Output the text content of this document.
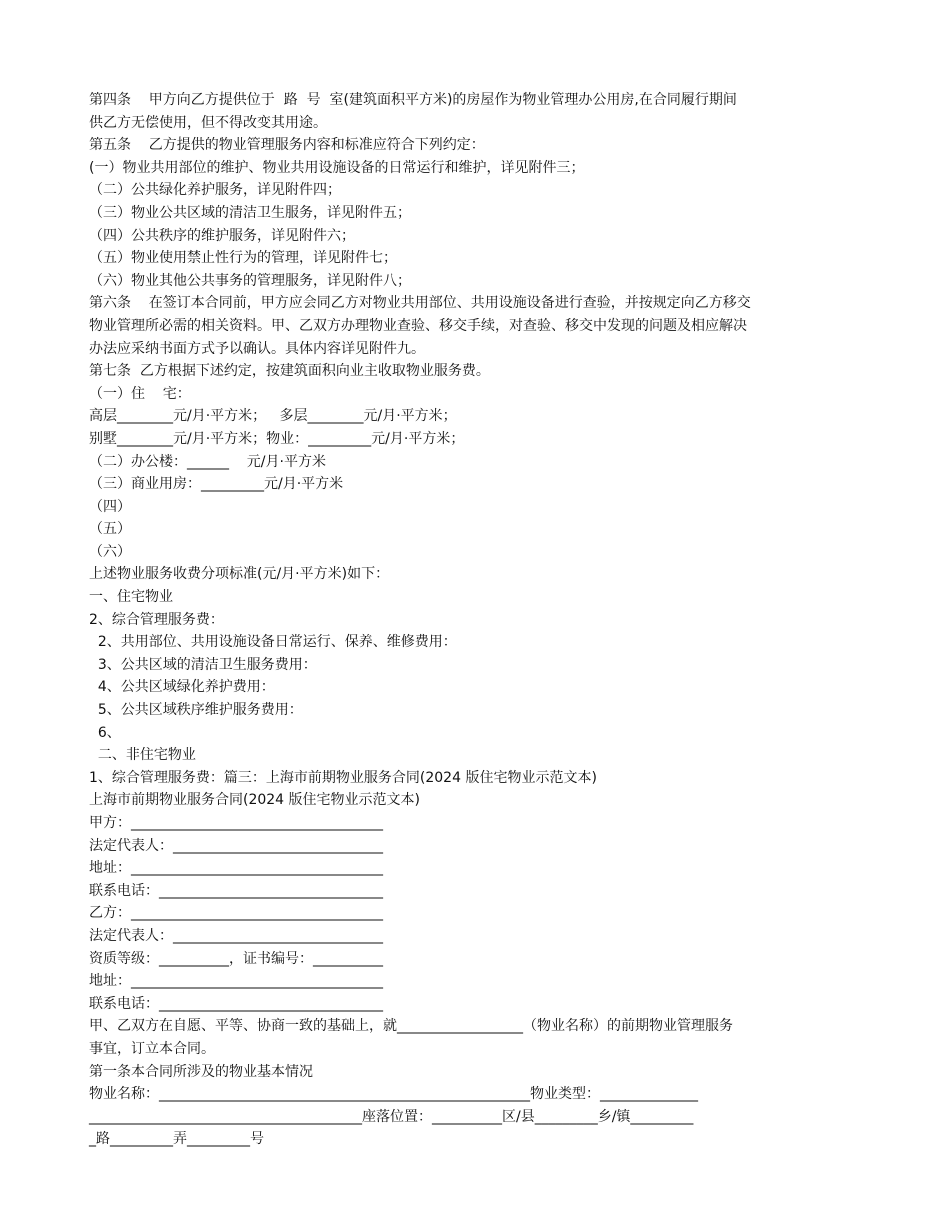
第四条    甲方向乙方提供位于  路  号  室(建筑面积平方米)的房屋作为物业管理办公用房,在合同履行期间
供乙方无偿使用，但不得改变其用途。
第五条    乙方提供的物业管理服务内容和标准应符合下列约定：
(一）物业共用部位的维护、物业共用设施设备的日常运行和维护，详见附件三；
（二）公共绿化养护服务，详见附件四；
（三）物业公共区域的清洁卫生服务，详见附件五；
（四）公共秩序的维护服务，详见附件六；
（五）物业使用禁止性行为的管理，详见附件七；
（六）物业其他公共事务的管理服务，详见附件八；
第六条    在签订本合同前，甲方应会同乙方对物业共用部位、共用设施设备进行查验，并按规定向乙方移交
物业管理所必需的相关资料。甲、乙双方办理物业查验、移交手续，对查验、移交中发现的问题及相应解决
办法应采纳书面方式予以确认。具体内容详见附件九。
第七条  乙方根据下述约定，按建筑面积向业主收取物业服务费。
（一）住    宅：
高层________元/月·平方米；   多层________元/月·平方米；
别墅________元/月·平方米；物业：_________元/月·平方米；
（二）办公楼：______    元/月·平方米
（三）商业用房：_________元/月·平方米
（四）
（五）
（六）
上述物业服务收费分项标准(元/月·平方米)如下：
一、住宅物业
2、综合管理服务费：
2、共用部位、共用设施设备日常运行、保养、维修费用：
3、公共区域的清洁卫生服务费用：
4、公共区域绿化养护费用：
5、公共区域秩序维护服务费用：
6、
二、非住宅物业
1、综合管理服务费：篇三：上海市前期物业服务合同(2024 版住宅物业示范文本)
上海市前期物业服务合同(2024 版住宅物业示范文本)
甲方：____________________________________
法定代表人：______________________________
地址：____________________________________
联系电话：________________________________
乙方：____________________________________
法定代表人：______________________________
资质等级：__________，证书编号：__________
地址：____________________________________
联系电话：________________________________
甲、乙双方在自愿、平等、协商一致的基础上，就__________________（物业名称）的前期物业管理服务
事宜，订立本合同。
第一条本合同所涉及的物业基本情况
物业名称：_____________________________________________________物业类型：______________
_______________________________________座落位置：__________区/县_________乡/镇_________
_路_________弄_________号
